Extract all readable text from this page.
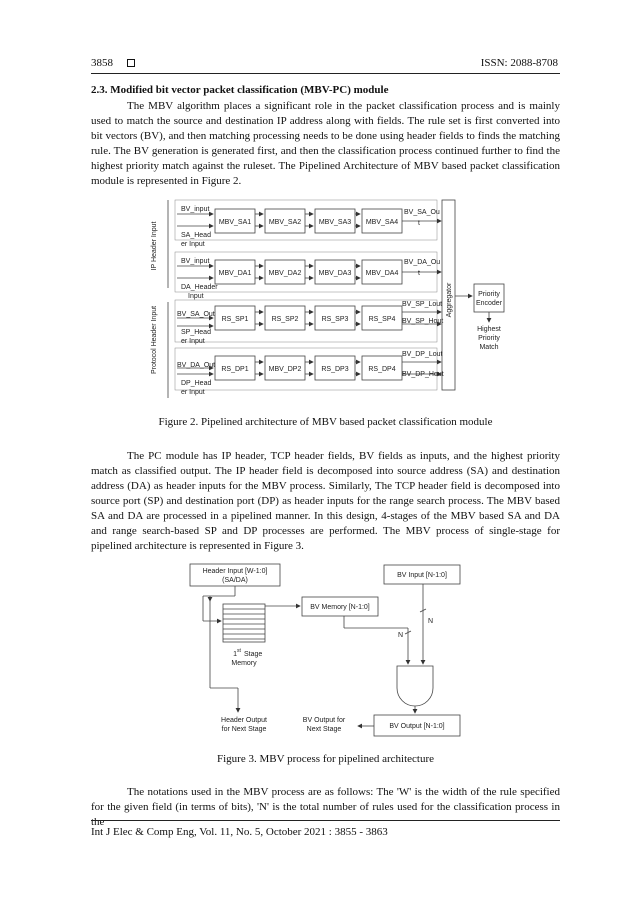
3858	ISSN: 2088-8708
2.3. Modified bit vector packet classification (MBV-PC) module

The MBV algorithm places a significant role in the packet classification process and is mainly used to match the source and destination IP address along with fields. The rule set is first converted into bit vectors (BV), and then matching processing needs to be done using header fields to finds the matching rule. The BV generation is generated first, and then the classification process continued further to find the highest priority match against the ruleset. The Pipelined Architecture of MBV based packet classification module is represented in Figure 2.

IP Header Input
Protocol Header Input
BV_input
SA_Head
er Input
MBV_SA1	MBV_SA2	MBV_SA3 MBV_SA4
BV_SA_Ou
t
BV_input
DA_Header
Input
MBV_DA1 MBV_DA2 MBV_DA3 MBV_DA4
BV_DA_Ou
t
BV_SA_Out
SP_Head
er Input
RS_SP1	RS_SP2	RS_SP3	RS_SP4
BV_SP_Lout
BV_SP_Hout
BV_DA_Out
DP_Head
er Input
RS_DP1	MBV_DP2	RS_DP3	RS_DP4
BV_DP_Lout
BV_DP_Hout
Aggregator	Priority
Encoder
Highest
Priority
Match
Figure 2. Pipelined architecture of MBV based packet classification module

The PC module has IP header, TCP header fields, BV fields as inputs, and the highest priority match as classified output. The IP header field is decomposed into source address (SA) and destination address (DA) as header inputs for the MBV process. Similarly, The TCP header field is decomposed into source port (SP) and destination port (DP) as header inputs for the range search process. The MBV based SA and DA are processed in a pipelined manner. In this design, 4-stages of the MBV based SA and DA and range search-based SP and DP processes are performed. The MBV process of single-stage for pipelined architecture is represented in Figure 3.

Header Input [W-1:0]
(SA/DA)
BV Input [N-1:0]
BV Memory [N-1:0]
1 st Stage
Memory
N
N
Header Output
for Next Stage
BV Output for
Next Stage	BV Output [N-1:0]
Figure 3. MBV process for pipelined architecture

The notations used in the MBV process are as follows: The 'W' is the width of the rule specified for the given field (in terms of bits), 'N' is the total number of rules used for the classification process in the

Int J Elec & Comp Eng, Vol. 11, No. 5, October 2021 : 3855 - 3863
